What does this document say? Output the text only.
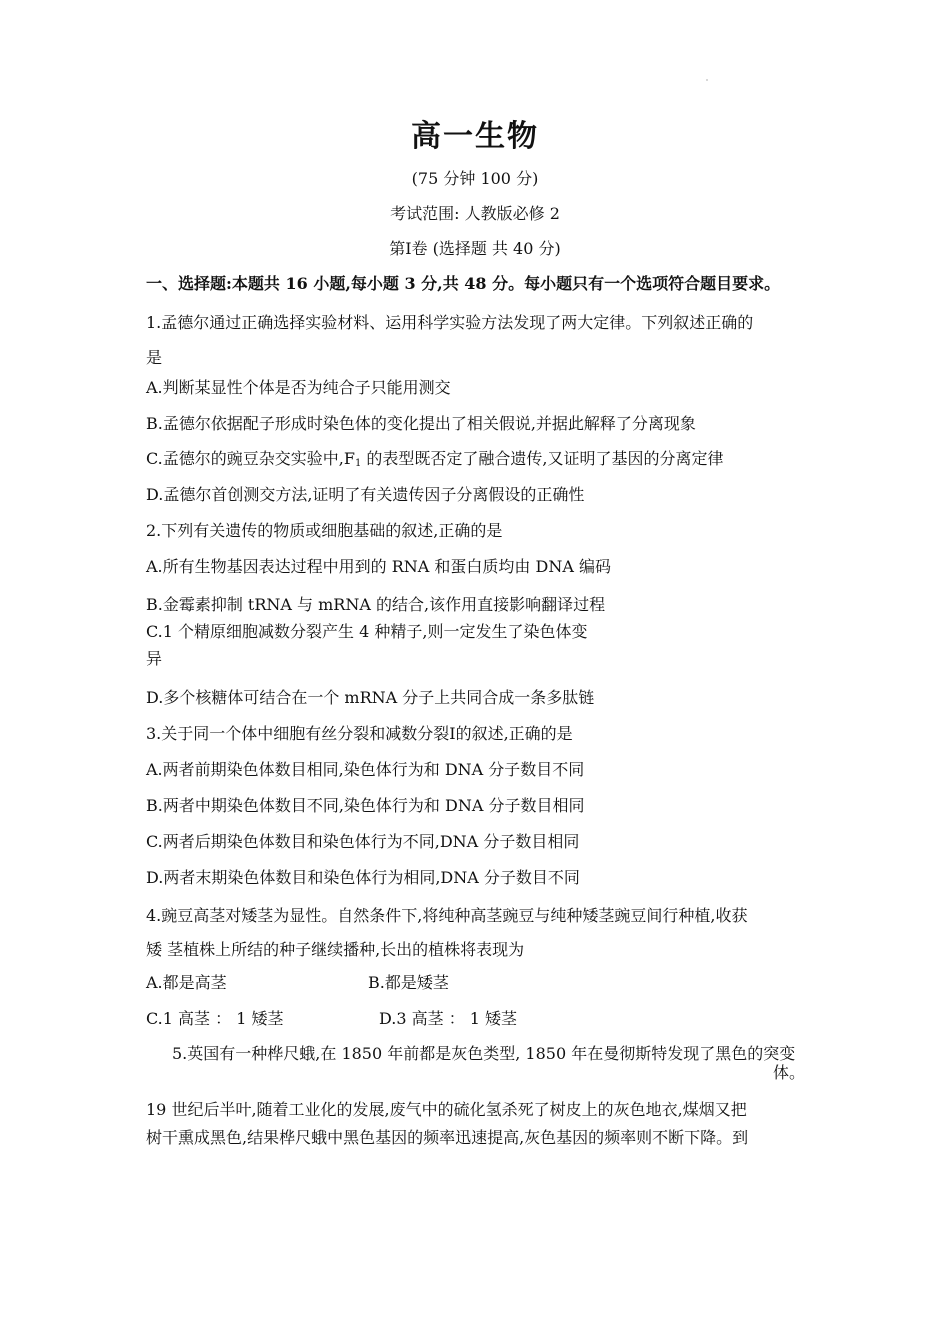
高一生物
(75 分钟 100 分)
考试范围: 人教版必修 2
第Ⅰ卷 (选择题 共 40 分)
一、选择题:本题共 16 小题,每小题 3 分,共 48 分。每小题只有一个选项符合题目要求。
1.孟德尔通过正确选择实验材料、运用科学实验方法发现了两大定律。下列叙述正确的
是
A.判断某显性个体是否为纯合子只能用测交
B.孟德尔依据配子形成时染色体的变化提出了相关假说,并据此解释了分离现象
C.孟德尔的豌豆杂交实验中$,F_1$ 的表型既否定了融合遗传,又证明了基因的分离定律
D.孟德尔首创测交方法,证明了有关遗传因子分离假设的正确性
2.下列有关遗传的物质或细胞基础的叙述,正确的是
A.所有生物基因表达过程中用到的 RNA 和蛋白质均由 DNA 编码
B.金霉素抑制 tRNA 与 mRNA 的结合,该作用直接影响翻译过程
C.1 个精原细胞减数分裂产生 4 种精子,则一定发生了染色体变
异
D.多个核糖体可结合在一个 mRNA 分子上共同合成一条多肽链
3.关于同一个体中细胞有丝分裂和减数分裂Ⅰ的叙述,正确的是
A.两者前期染色体数目相同,染色体行为和 DNA 分子数目不同
B.两者中期染色体数目不同,染色体行为和 DNA 分子数目相同
C.两者后期染色体数目和染色体行为不同,DNA 分子数目相同
D.两者末期染色体数目和染色体行为相同,DNA 分子数目不同
4.豌豆高茎对矮茎为显性。自然条件下,将纯种高茎豌豆与纯种矮茎豌豆间行种植,收获
矮 茎植株上所结的种子继续播种,长出的植株将表现为
A.都是高茎	B.都是矮茎
C.1 高茎 ： 1 矮茎	D.3 高茎 ： 1 矮茎
5.英国有一种桦尺蛾,在 1850 年前都是灰色类型, 1850 年在曼彻斯特发现了黑色的突变
体。
19 世纪后半叶,随着工业化的发展,废气中的硫化氢杀死了树皮上的灰色地衣,煤烟又把
树干熏成黑色,结果桦尺蛾中黑色基因的频率迅速提高,灰色基因的频率则不断下降。到
